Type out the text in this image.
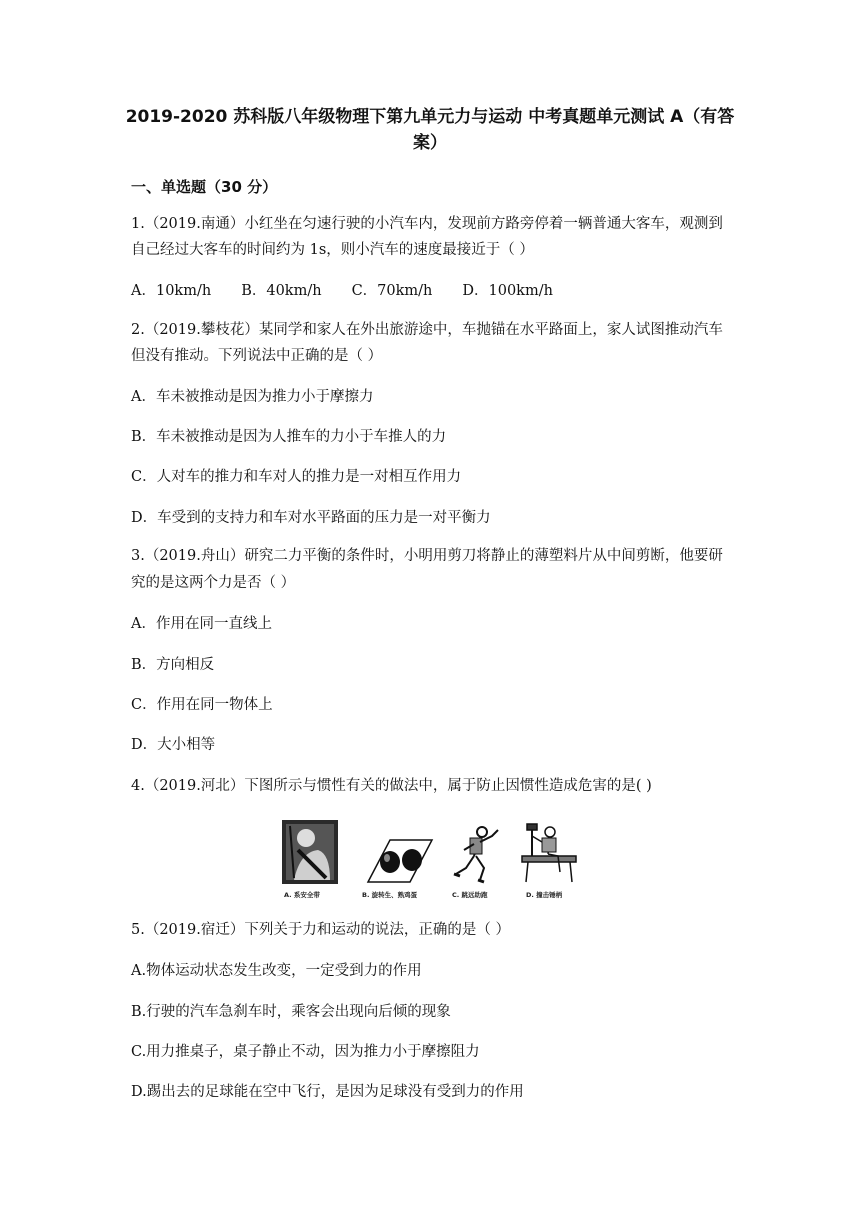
2019-2020 苏科版八年级物理下第九单元力与运动 中考真题单元测试 A（有答
案）
一、单选题（30 分）
1.（2019.南通）小红坐在匀速行驶的小汽车内，发现前方路旁停着一辆普通大客车，观测到
自己经过大客车的时间约为 1s，则小汽车的速度最接近于（ ）
A．10km/h B．40km/h C．70km/h D．100km/h
2.（2019.攀枝花）某同学和家人在外出旅游途中，车抛锚在水平路面上，家人试图推动汽车
但没有推动。下列说法中正确的是（ ）
A．车未被推动是因为推力小于摩擦力
B．车未被推动是因为人推车的力小于车推人的力
C．人对车的推力和车对人的推力是一对相互作用力
D．车受到的支持力和车对水平路面的压力是一对平衡力
3.（2019.舟山）研究二力平衡的条件时，小明用剪刀将静止的薄塑料片从中间剪断，他要研
究的是这两个力是否（ ）
A．作用在同一直线上
B．方向相反
C．作用在同一物体上
D．大小相等
4.（2019.河北）下图所示与惯性有关的做法中，属于防止因惯性造成危害的是( )
A. 系安全带	B. 旋转生、熟鸡蛋	C. 跳远助跑	D. 撞击锤柄
5.（2019.宿迁）下列关于力和运动的说法，正确的是（ ）
A.物体运动状态发生改变，一定受到力的作用
B.行驶的汽车急刹车时，乘客会出现向后倾的现象
C.用力推桌子，桌子静止不动，因为推力小于摩擦阻力
D.踢出去的足球能在空中飞行，是因为足球没有受到力的作用
